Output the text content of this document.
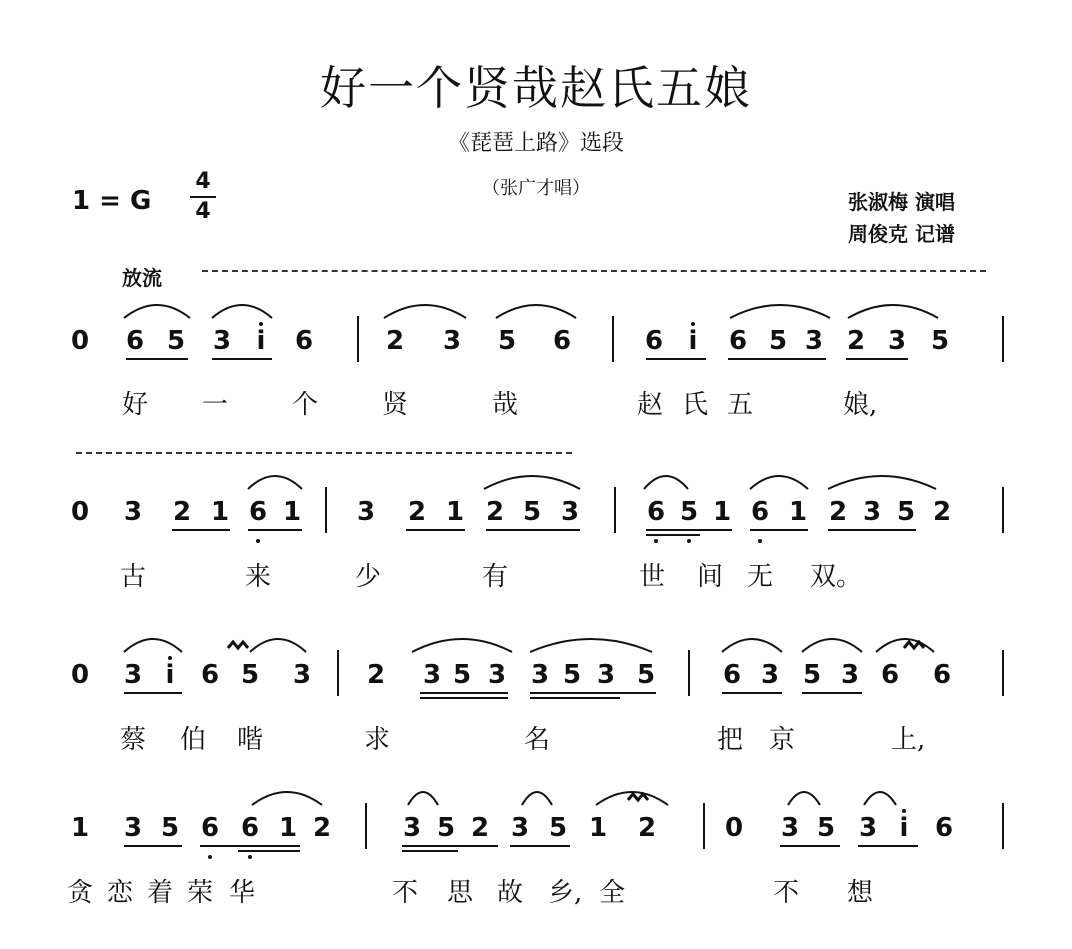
好一个贤哉赵氏五娘
《琵琶上路》选段
（张广才唱）
1 = G
4
4	张淑梅 演唱
周俊克 记谱
放流
0 6 5 3 i 6	2 3 5 6	6 i 6 5 3 2 3 5
好 一 个 贤	哉	赵 氏 五	娘,
0 3 2 1 6 1 3 2 1 2 5 3	6 5 1 6 1 2 3 5 2
古	来	少	有	世 间 无 双。
0 3 i 6 5 3 2 3 5 3 3 5 3 5	6 3 5 3 6 6
蔡 伯 喈	求	名	把 京	上,
1 3 5 6 6 1 2	3 5 2 3 5 1 2	0 3 5 3 i 6
贪 恋 着 荣 华	不 思 故 乡, 全	不 想
